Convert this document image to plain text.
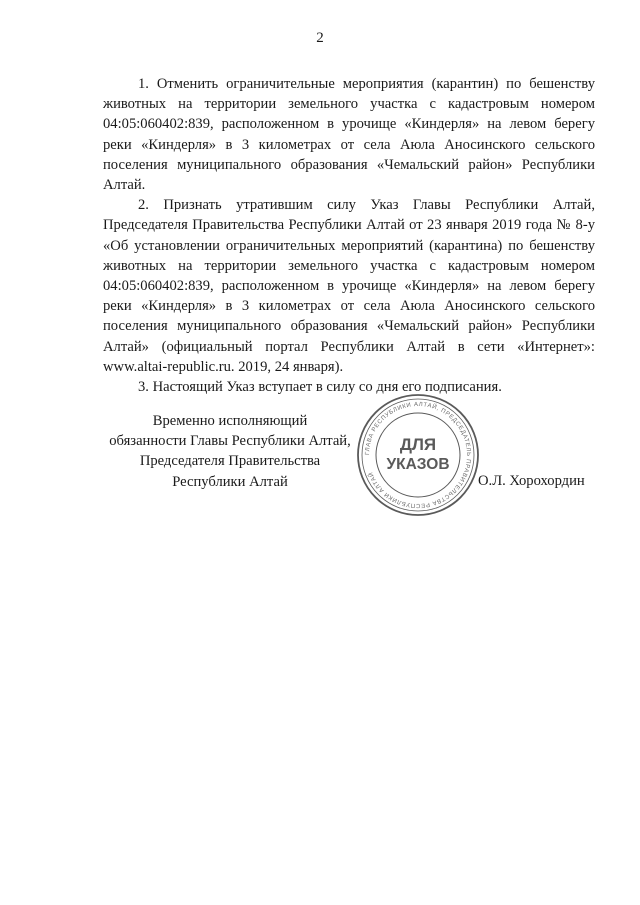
2

1. Отменить ограничительные мероприятия (карантин) по бешенству животных на территории земельного участка с кадастровым номером 04:05:060402:839, расположенном в урочище «Киндерля» на левом берегу реки «Киндерля» в 3 километрах от села Аюла Аносинского сельского поселения муниципального образования «Чемальский район» Республики Алтай.

2. Признать утратившим силу Указ Главы Республики Алтай, Председателя Правительства Республики Алтай от 23 января 2019 года № 8-у «Об установлении ограничительных мероприятий (карантина) по бешенству животных на территории земельного участка с кадастровым номером 04:05:060402:839, расположенном в урочище «Киндерля» на левом берегу реки «Киндерля» в 3 километрах от села Аюла Аносинского сельского поселения муниципального образования «Чемальский район» Республики Алтай» (официальный портал Республики Алтай в сети «Интернет»: www.altai-republic.ru. 2019, 24 января).

3. Настоящий Указ вступает в силу со дня его подписания.

Временно исполняющий
обязанности Главы Республики Алтай,
Председателя Правительства
Республики Алтай
ГЛАВА РЕСПУБЛИКИ АЛТАЙ, ПРЕДСЕДАТЕЛЬ ПРАВИТЕЛЬСТВА РЕСПУБЛИКИ АЛТАЙ
ДЛЯ
УКАЗОВ
О.Л. Хорохордин
